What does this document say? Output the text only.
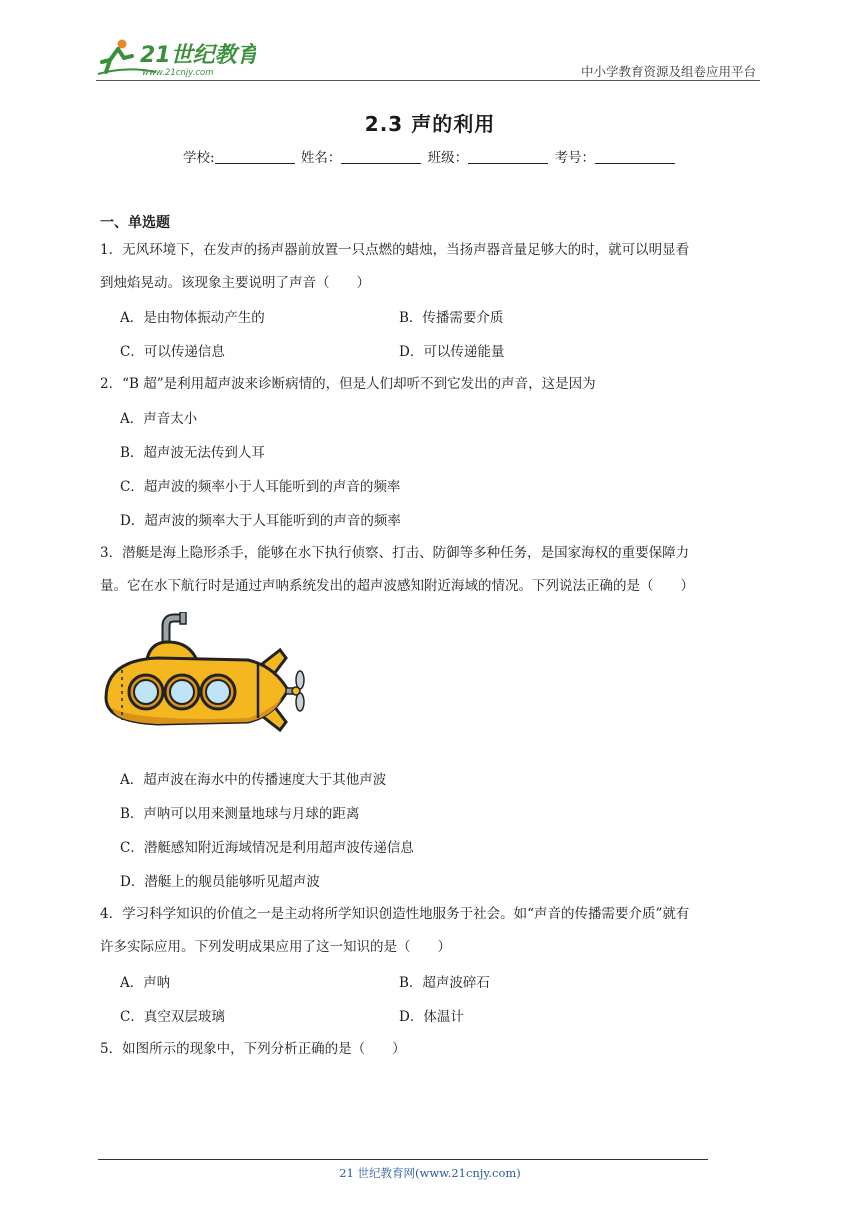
21世纪教育
www.21cnjy.com	中小学教育资源及组卷应用平台
2.3 声的利用
学校:	姓名：	班级：	考号：
一、单选题
1．无风环境下，在发声的扬声器前放置一只点燃的蜡烛，当扬声器音量足够大的时，就可以明显看
到烛焰晃动。该现象主要说明了声音（　　）
A．是由物体振动产生的	B．传播需要介质
C．可以传递信息	D．可以传递能量
2．“B 超”是利用超声波来诊断病情的，但是人们却听不到它发出的声音，这是因为
A．声音太小
B．超声波无法传到人耳
C．超声波的频率小于人耳能听到的声音的频率
D．超声波的频率大于人耳能听到的声音的频率
3．潜艇是海上隐形杀手，能够在水下执行侦察、打击、防御等多种任务，是国家海权的重要保障力
量。它在水下航行时是通过声呐系统发出的超声波感知附近海域的情况。下列说法正确的是（　　）
A．超声波在海水中的传播速度大于其他声波
B．声呐可以用来测量地球与月球的距离
C．潜艇感知附近海域情况是利用超声波传递信息
D．潜艇上的舰员能够听见超声波
4．学习科学知识的价值之一是主动将所学知识创造性地服务于社会。如“声音的传播需要介质”就有
许多实际应用。下列发明成果应用了这一知识的是（　　）
A．声呐	B．超声波碎石
C．真空双层玻璃	D．体温计
5．如图所示的现象中，下列分析正确的是（　　）
21 世纪教育网(www.21cnjy.com)
